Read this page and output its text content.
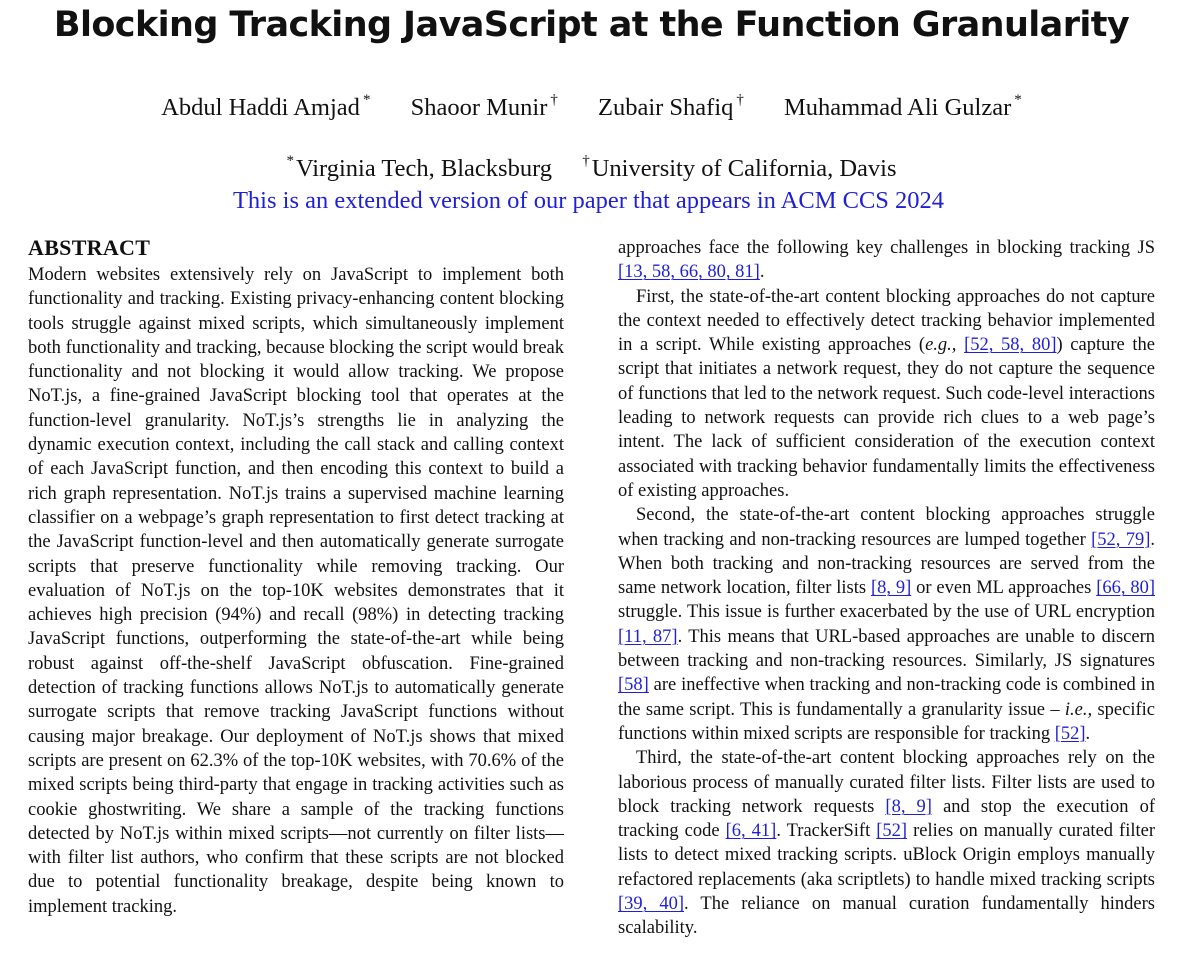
Blocking Tracking JavaScript at the Function Granularity
Abdul Haddi Amjad * Shaoor Munir † Zubair Shafiq † Muhammad Ali Gulzar *
*Virginia Tech, Blacksburg †University of California, Davis
This is an extended version of our paper that appears in ACM CCS 2024
ABSTRACT

Modern websites extensively rely on JavaScript to implement both functionality and tracking. Existing privacy-enhancing content blocking tools struggle against mixed scripts, which simultaneously implement both functionality and tracking, because blocking the script would break functionality and not blocking it would allow tracking. We propose NoT.js, a fine-grained JavaScript blocking tool that operates at the function-level granularity. NoT.js’s strengths lie in analyzing the dynamic execution context, including the call stack and calling context of each JavaScript function, and then encoding this context to build a rich graph representation. NoT.js trains a supervised machine learning classifier on a webpage’s graph representation to first detect tracking at the JavaScript function-level and then automatically generate surrogate scripts that preserve functionality while removing tracking. Our evaluation of NoT.js on the top-10K websites demonstrates that it achieves high precision (94%) and recall (98%) in detecting tracking JavaScript functions, outperforming the state-of-the-art while being robust against off-the-shelf JavaScript obfuscation. Fine-grained detection of tracking functions allows NoT.js to automatically generate surrogate scripts that remove tracking JavaScript functions without causing major breakage. Our deployment of NoT.js shows that mixed scripts are present on 62.3% of the top-10K websites, with 70.6% of the mixed scripts being third-party that engage in tracking activities such as cookie ghostwriting. We share a sample of the tracking functions detected by NoT.js within mixed scripts—not currently on filter lists—with filter list authors, who confirm that these scripts are not blocked due to potential functionality breakage, despite being known to implement tracking.

approaches face the following key challenges in blocking tracking JS [13, 58, 66, 80, 81].

First, the state-of-the-art content blocking approaches do not capture the context needed to effectively detect tracking behavior implemented in a script. While existing approaches (e.g., [52, 58, 80]) capture the script that initiates a network request, they do not capture the sequence of functions that led to the network request. Such code-level interactions leading to network requests can provide rich clues to a web page’s intent. The lack of sufficient consideration of the execution context associated with tracking behavior fundamentally limits the effectiveness of existing approaches.

Second, the state-of-the-art content blocking approaches struggle when tracking and non-tracking resources are lumped together [52, 79]. When both tracking and non-tracking resources are served from the same network location, filter lists [8, 9] or even ML approaches [66, 80] struggle. This issue is further exacerbated by the use of URL encryption [11, 87]. This means that URL-based approaches are unable to discern between tracking and non-tracking resources. Similarly, JS signatures [58] are ineffective when tracking and non-tracking code is combined in the same script. This is fundamentally a granularity issue – i.e., specific functions within mixed scripts are responsible for tracking [52].

Third, the state-of-the-art content blocking approaches rely on the laborious process of manually curated filter lists. Filter lists are used to block tracking network requests [8, 9] and stop the execution of tracking code [6, 41]. TrackerSift [52] relies on manually curated filter lists to detect mixed tracking scripts. uBlock Origin employs manually refactored replacements (aka scriptlets) to handle mixed tracking scripts [39, 40]. The reliance on manual curation fundamentally hinders scalability.
